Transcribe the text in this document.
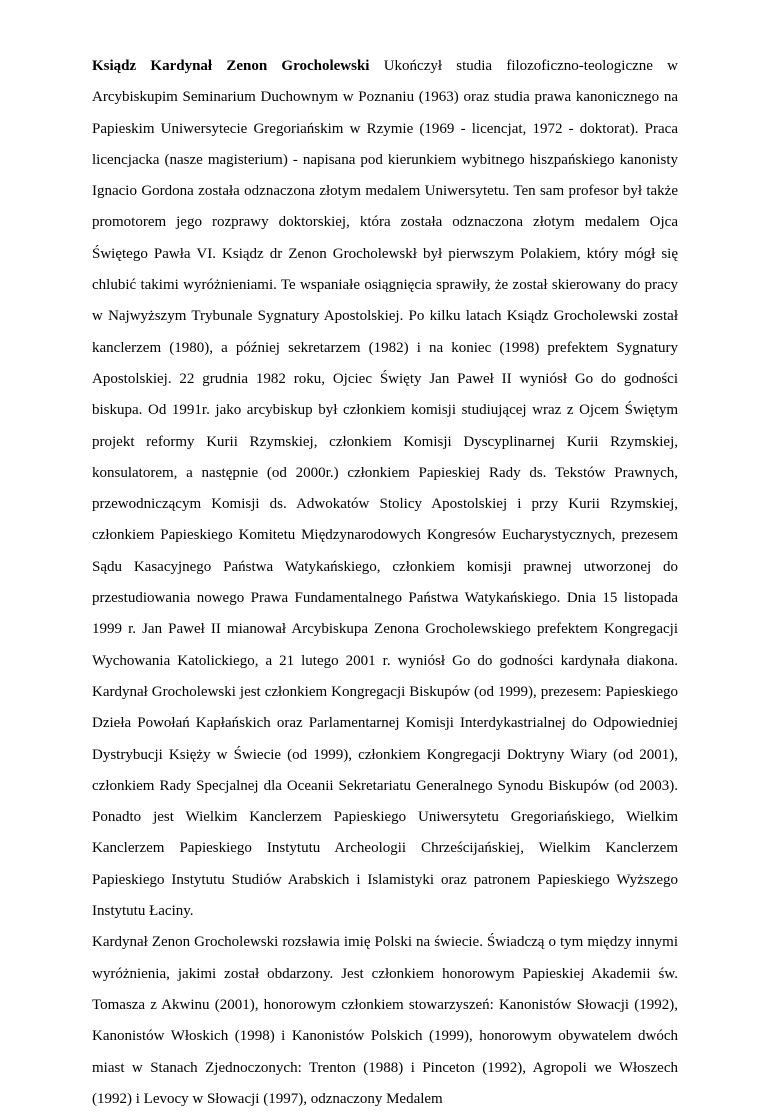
Ksiądz Kardynał Zenon Grocholewski Ukończył studia filozoficzno-teologiczne w Arcybiskupim Seminarium Duchownym w Poznaniu (1963) oraz studia prawa kanonicznego na Papieskim Uniwersytecie Gregoriańskim w Rzymie (1969 - licencjat, 1972 - doktorat). Praca licencjacka (nasze magisterium) - napisana pod kierunkiem wybitnego hiszpańskiego kanonisty Ignacio Gordona została odznaczona złotym medalem Uniwersytetu. Ten sam profesor był także promotorem jego rozprawy doktorskiej, która została odznaczona złotym medalem Ojca Świętego Pawła VI. Ksiądz dr Zenon Grocholewskł był pierwszym Polakiem, który mógł się chlubić takimi wyróżnieniami. Te wspaniałe osiągnięcia sprawiły, że został skierowany do pracy w Najwyższym Trybunale Sygnatury Apostolskiej. Po kilku latach Ksiądz Grocholewski został kanclerzem (1980), a później sekretarzem (1982) i na koniec (1998) prefektem Sygnatury Apostolskiej. 22 grudnia 1982 roku, Ojciec Święty Jan Paweł II wyniósł Go do godności biskupa. Od 1991r. jako arcybiskup był członkiem komisji studiującej wraz z Ojcem Świętym projekt reformy Kurii Rzymskiej, członkiem Komisji Dyscyplinarnej Kurii Rzymskiej, konsulatorem, a następnie (od 2000r.) członkiem Papieskiej Rady ds. Tekstów Prawnych, przewodniczącym Komisji ds. Adwokatów Stolicy Apostolskiej i przy Kurii Rzymskiej, członkiem Papieskiego Komitetu Międzynarodowych Kongresów Eucharystycznych, prezesem Sądu Kasacyjnego Państwa Watykańskiego, członkiem komisji prawnej utworzonej do przestudiowania nowego Prawa Fundamentalnego Państwa Watykańskiego. Dnia 15 listopada 1999 r. Jan Paweł II mianował Arcybiskupa Zenona Grocholewskiego prefektem Kongregacji Wychowania Katolickiego, a 21 lutego 2001 r. wyniósł Go do godności kardynała diakona. Kardynał Grocholewski jest członkiem Kongregacji Biskupów (od 1999), prezesem: Papieskiego Dzieła Powołań Kapłańskich oraz Parlamentarnej Komisji Interdykastrialnej do Odpowiedniej Dystrybucji Księży w Świecie (od 1999), członkiem Kongregacji Doktryny Wiary (od 2001), członkiem Rady Specjalnej dla Oceanii Sekretariatu Generalnego Synodu Biskupów (od 2003). Ponadto jest Wielkim Kanclerzem Papieskiego Uniwersytetu Gregoriańskiego, Wielkim Kanclerzem Papieskiego Instytutu Archeologii Chrześcijańskiej, Wielkim Kanclerzem Papieskiego Instytutu Studiów Arabskich i Islamistyki oraz patronem Papieskiego Wyższego Instytutu Łaciny.

Kardynał Zenon Grocholewski rozsławia imię Polski na świecie. Świadczą o tym między innymi wyróżnienia, jakimi został obdarzony. Jest członkiem honorowym Papieskiej Akademii św. Tomasza z Akwinu (2001), honorowym członkiem stowarzyszeń: Kanonistów Słowacji (1992), Kanonistów Włoskich (1998) i Kanonistów Polskich (1999), honorowym obywatelem dwóch miast w Stanach Zjednoczonych: Trenton (1988) i Pinceton (1992), Agropoli we Włoszech (1992) i Levocy w Słowacji (1997), odznaczony Medalem
